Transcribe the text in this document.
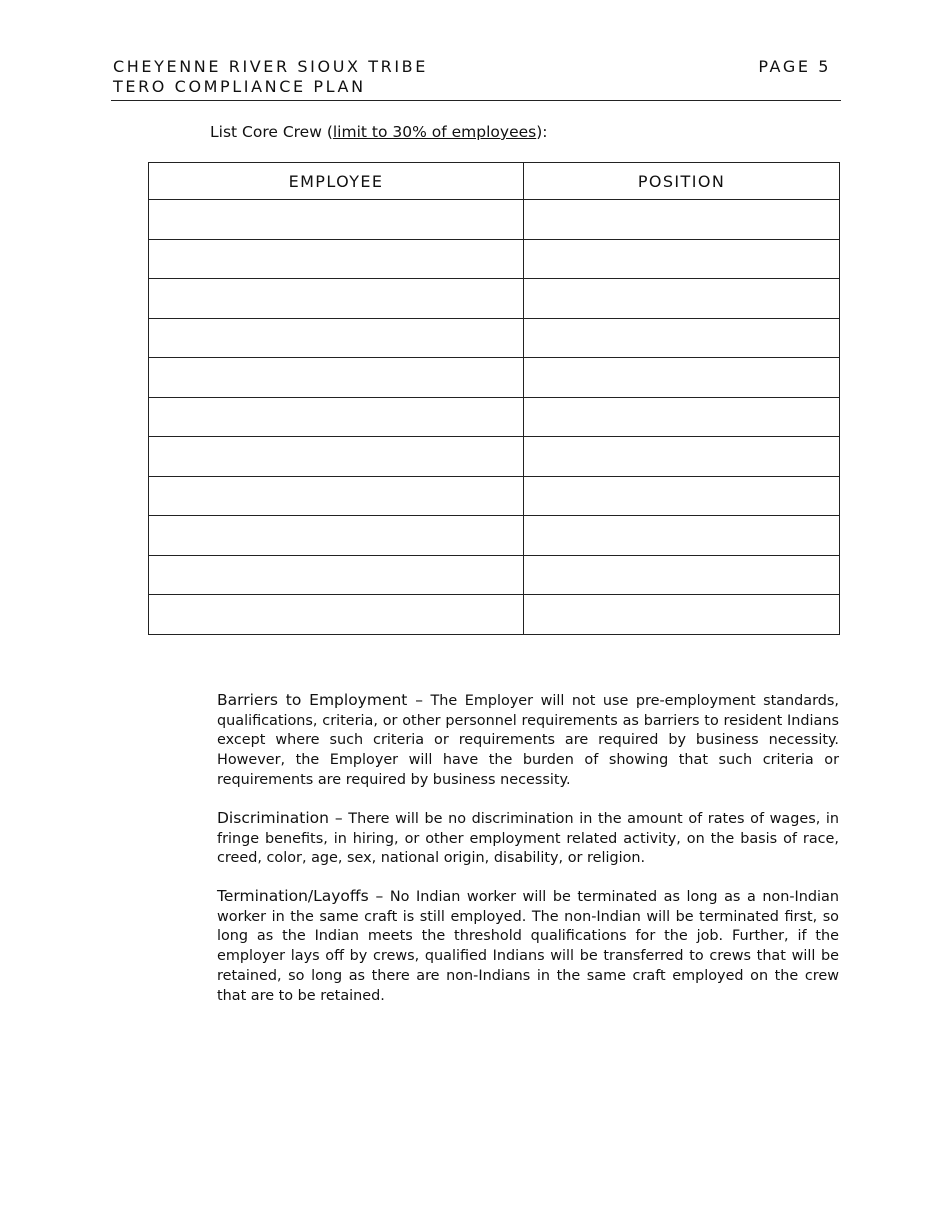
CHEYENNE RIVER SIOUX TRIBE
TERO COMPLIANCE PLAN
PAGE 5
List Core Crew (limit to 30% of employees):
EMPLOYEE	POSITION

Barriers to Employment – The Employer will not use pre-employment standards, qualifications, criteria, or other personnel requirements as barriers to resident Indians except where such criteria or requirements are required by business necessity. However, the Employer will have the burden of showing that such criteria or requirements are required by business necessity.
Discrimination – There will be no discrimination in the amount of rates of wages, in fringe benefits, in hiring, or other employment related activity, on the basis of race, creed, color, age, sex, national origin, disability, or religion.
Termination/Layoffs – No Indian worker will be terminated as long as a non-Indian worker in the same craft is still employed. The non-Indian will be terminated first, so long as the Indian meets the threshold qualifications for the job. Further, if the employer lays off by crews, qualified Indians will be transferred to crews that will be retained, so long as there are non-Indians in the same craft employed on the crew that are to be retained.
